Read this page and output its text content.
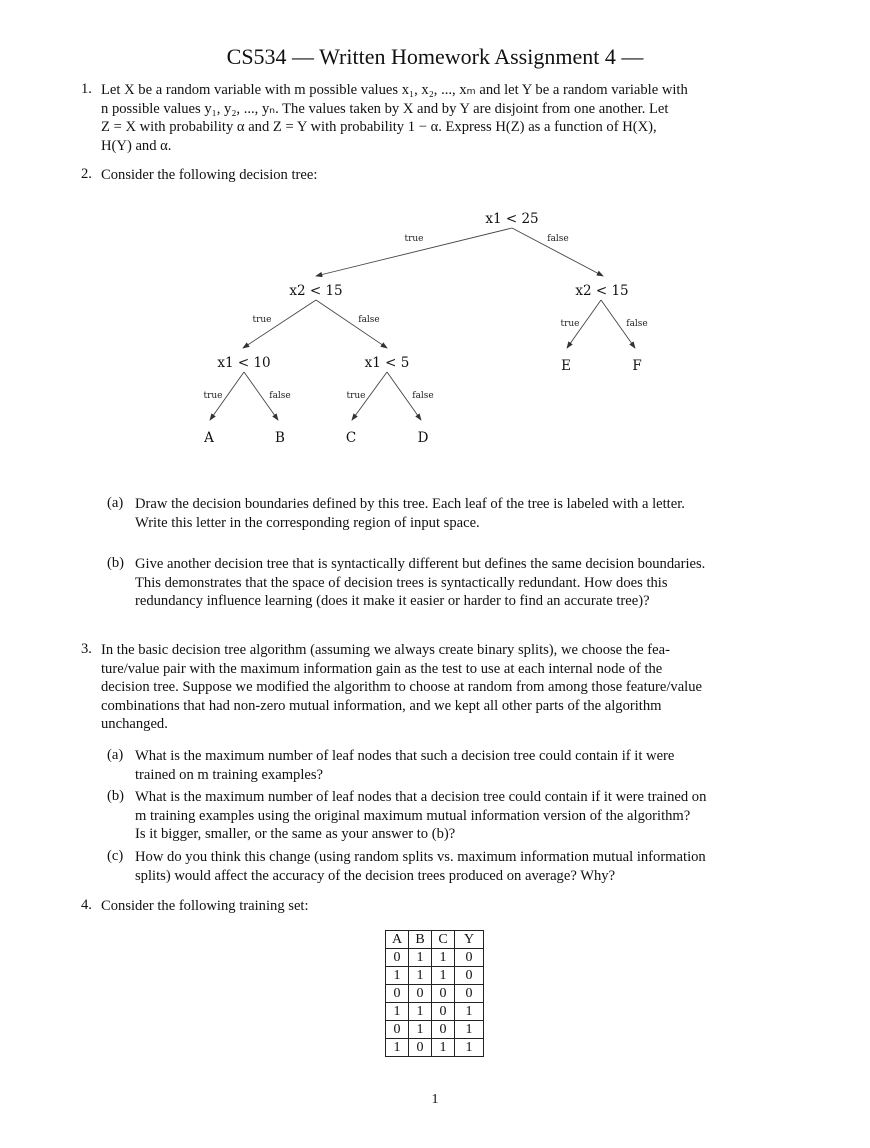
CS534 — Written Homework Assignment 4 —
1. Let X be a random variable with m possible values x₁, x₂, ..., xₘ and let Y be a random variable with
n possible values y₁, y₂, ..., yₙ. The values taken by X and by Y are disjoint from one another. Let
Z = X with probability α and Z = Y with probability 1 − α. Express H(Z) as a function of H(X),
H(Y) and α.
2. Consider the following decision tree:
x1 < 25
x2 < 15	x2 < 15
x1 < 10	x1 < 5
A	B	C	D
E	F
true	false
true	false	true	false
true	false	true	false
(a) Draw the decision boundaries defined by this tree. Each leaf of the tree is labeled with a letter.
Write this letter in the corresponding region of input space.
(b) Give another decision tree that is syntactically different but defines the same decision boundaries.
This demonstrates that the space of decision trees is syntactically redundant. How does this
redundancy influence learning (does it make it easier or harder to find an accurate tree)?
3. In the basic decision tree algorithm (assuming we always create binary splits), we choose the fea-
ture/value pair with the maximum information gain as the test to use at each internal node of the
decision tree. Suppose we modified the algorithm to choose at random from among those feature/value
combinations that had non-zero mutual information, and we kept all other parts of the algorithm
unchanged.
(a) What is the maximum number of leaf nodes that such a decision tree could contain if it were
trained on m training examples?
(b) What is the maximum number of leaf nodes that a decision tree could contain if it were trained on
m training examples using the original maximum mutual information version of the algorithm?
Is it bigger, smaller, or the same as your answer to (b)?
(c) How do you think this change (using random splits vs. maximum information mutual information
splits) would affect the accuracy of the decision trees produced on average? Why?
4. Consider the following training set:
A	B	C	Y
0	1	1	0
1	1	1	0
0	0	0	0
1	1	0	1
0	1	0	1
1	0	1	1
1
